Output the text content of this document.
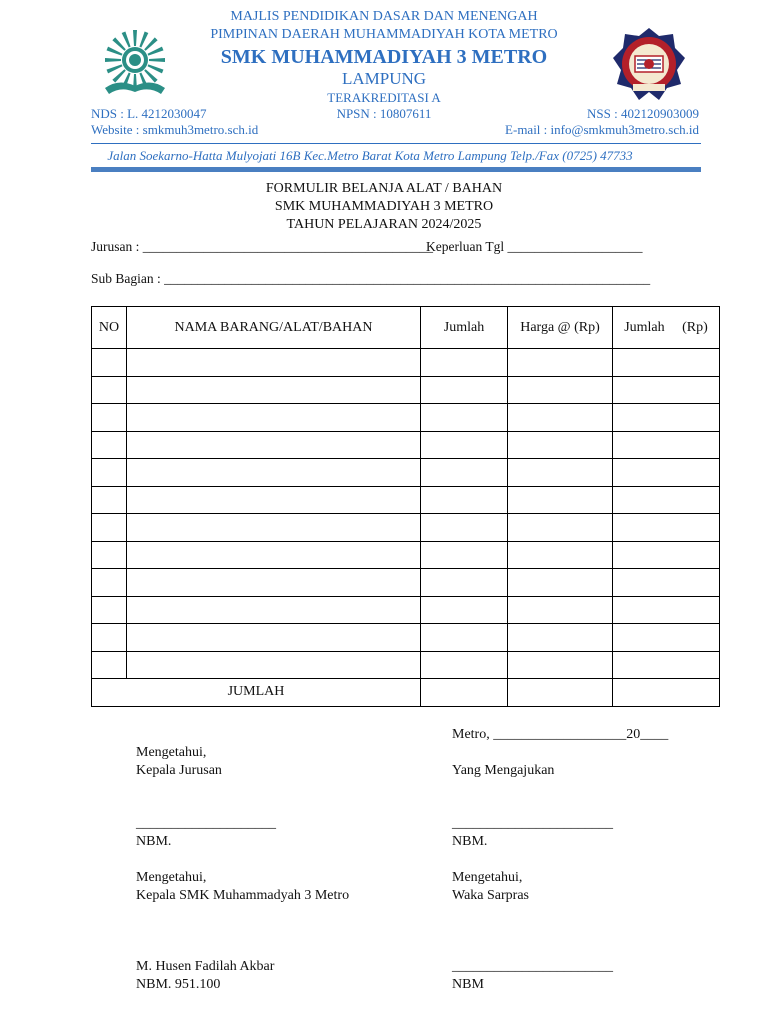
MAJLIS PENDIDIKAN DASAR DAN MENENGAH
PIMPINAN DAERAH MUHAMMADIYAH KOTA METRO
SMK MUHAMMADIYAH 3 METRO
LAMPUNG
TERAKREDITASI A
NDS : L. 4212030047	NPSN : 10807611	NSS : 402120903009
Website : smkmuh3metro.sch.id	E-mail : info@smkmuh3metro.sch.id
Jalan Soekarno-Hatta Mulyojati 16B Kec.Metro Barat Kota Metro Lampung Telp./Fax (0725) 47733
FORMULIR BELANJA ALAT / BAHAN
SMK MUHAMMADIYAH 3 METRO
TAHUN PELAJARAN 2024/2025
Jurusan : ___________________________________________
Keperluan Tgl ____________________
Sub Bagian : ________________________________________________________________________
NO	NAMA BARANG/ALAT/BAHAN	Jumlah	Harga @ (Rp)	Jumlah     (Rp)

JUMLAH				
Metro, ___________________20____
Mengetahui,
Kepala Jurusan	Yang Mengajukan
____________________	_______________________
NBM.	NBM.
Mengetahui,
Kepala SMK Muhammadyah 3 Metro
Mengetahui,
Waka Sarpras
M. Husen Fadilah Akbar	_______________________
NBM. 951.100	NBM
